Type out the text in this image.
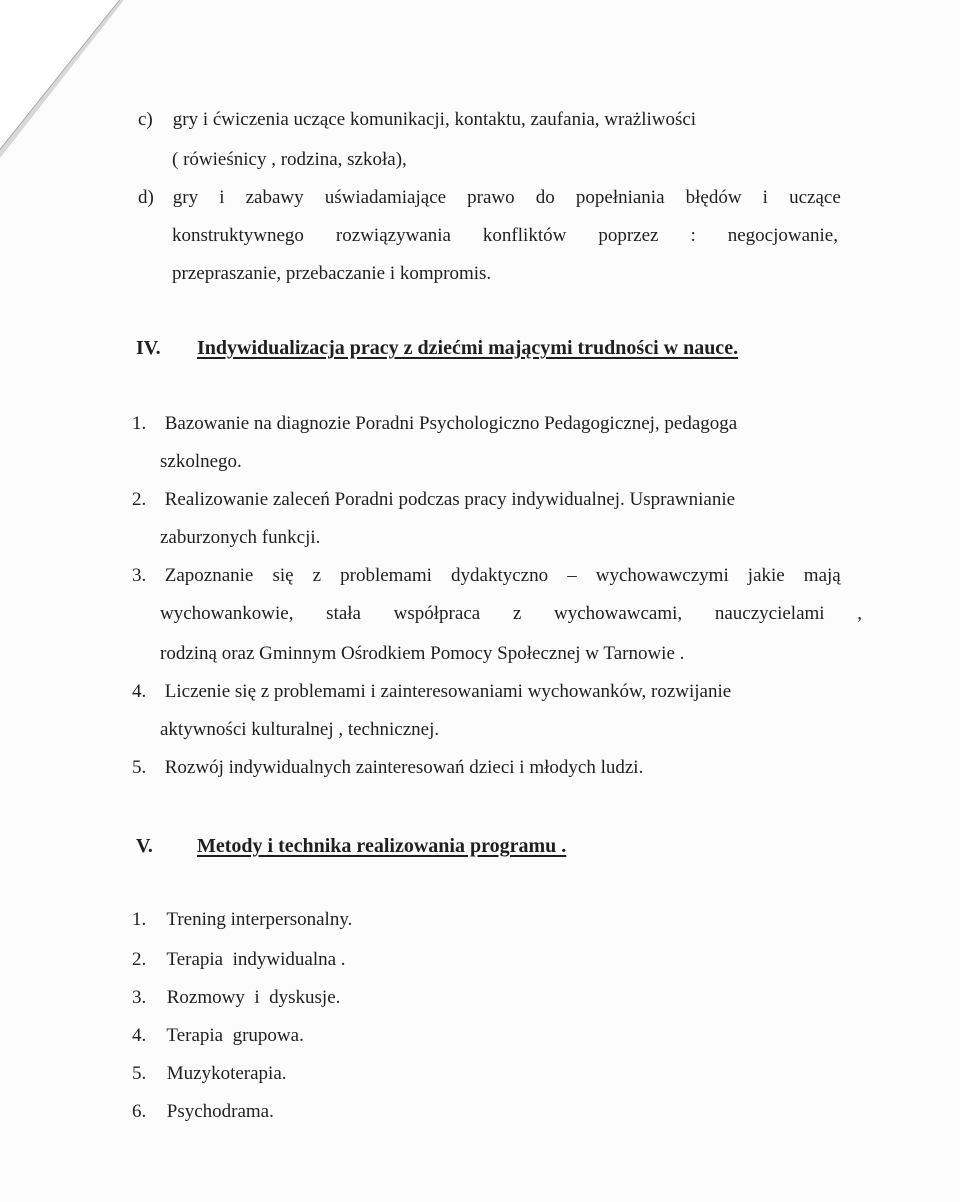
c) gry i ćwiczenia uczące komunikacji, kontaktu, zaufania, wrażliwości
( rówieśnicy , rodzina, szkoła),
d) gry i zabawy uświadamiające prawo do popełniania błędów i uczące
konstruktywnego rozwiązywania konfliktów poprzez : negocjowanie,
przepraszanie, przebaczanie i kompromis.
IV. Indywidualizacja pracy z dziećmi mającymi trudności w nauce.
1. Bazowanie na diagnozie Poradni Psychologiczno Pedagogicznej, pedagoga
szkolnego.
2. Realizowanie zaleceń Poradni podczas pracy indywidualnej. Usprawnianie
zaburzonych funkcji.
3. Zapoznanie się z problemami dydaktyczno – wychowawczymi jakie mają
wychowankowie, stała współpraca z wychowawcami, nauczycielami ,
rodziną oraz Gminnym Ośrodkiem Pomocy Społecznej w Tarnowie .
4. Liczenie się z problemami i zainteresowaniami wychowanków, rozwijanie
aktywności kulturalnej , technicznej.
5. Rozwój indywidualnych zainteresowań dzieci i młodych ludzi.
V. Metody i technika realizowania programu .
1. Trening interpersonalny.
2. Terapia  indywidualna .
3. Rozmowy  i  dyskusje.
4. Terapia  grupowa.
5. Muzykoterapia.
6. Psychodrama.
